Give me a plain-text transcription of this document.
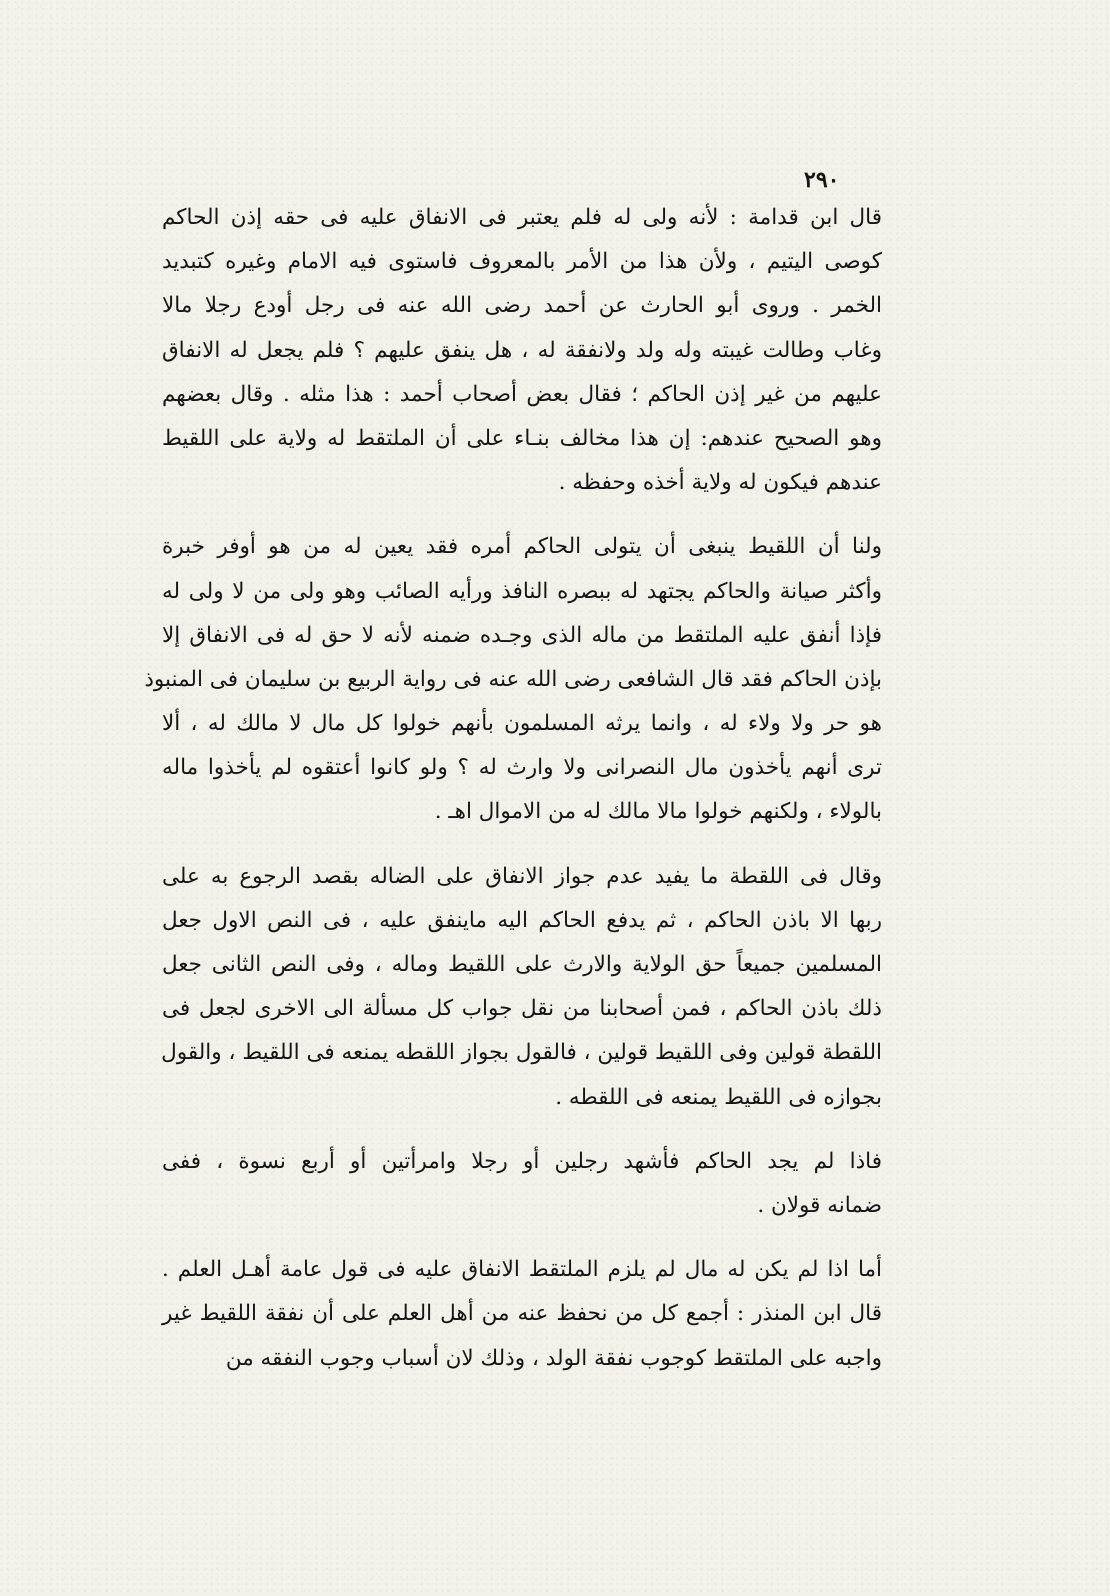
٢٩٠
قال ابن قدامة : لأنه ولى له فلم يعتبر فى الانفاق عليه فى حقه إذن الحاكم
كوصى اليتيم ، ولأن هذا من الأمر بالمعروف فاستوى فيه الامام وغيره كتبديد
الخمر . وروى أبو الحارث عن أحمد رضى الله عنه فى رجل أودع رجلا مالا
وغاب وطالت غيبته وله ولد ولانفقة له ، هل ينفق عليهم ؟ فلم يجعل له الانفاق
عليهم من غير إذن الحاكم ؛ فقال بعض أصحاب أحمد : هذا مثله . وقال بعضهم
وهو الصحيح عندهم: إن هذا مخالف بنـاء على أن الملتقط له ولاية على اللقيط
عندهم فيكون له ولاية أخذه وحفظه .
ولنا أن اللقيط ينبغى أن يتولى الحاكم أمره فقد يعين له من هو أوفر خبرة
وأكثر صيانة والحاكم يجتهد له ببصره النافذ ورأيه الصائب وهو ولى من لا ولى له
فإذا أنفق عليه الملتقط من ماله الذى وجـده ضمنه لأنه لا حق له فى الانفاق إلا
بإذن الحاكم فقد قال الشافعى رضى الله عنه فى رواية الربيع بن سليمان فى المنبوذ
هو حر ولا ولاء له ، وانما يرثه المسلمون بأنهم خولوا كل مال لا مالك له ، ألا
ترى أنهم يأخذون مال النصرانى ولا وارث له ؟ ولو كانوا أعتقوه لم يأخذوا ماله
بالولاء ، ولكنهم خولوا مالا مالك له من الاموال اهـ .
وقال فى اللقطة ما يفيد عدم جواز الانفاق على الضاله بقصد الرجوع به على
ربها الا باذن الحاكم ، ثم يدفع الحاكم اليه ماينفق عليه ، فى النص الاول جعل
المسلمين جميعاً حق الولاية والارث على اللقيط وماله ، وفى النص الثانى جعل
ذلك باذن الحاكم ، فمن أصحابنا من نقل جواب كل مسألة الى الاخرى لجعل فى
اللقطة قولين وفى اللقيط قولين ، فالقول بجواز اللقطه يمنعه فى اللقيط ، والقول
بجوازه فى اللقيط يمنعه فى اللقطه .
فاذا لم يجد الحاكم فأشهد رجلين أو رجلا وامرأتين أو أربع نسوة ، ففى
ضمانه قولان .
أما اذا لم يكن له مال لم يلزم الملتقط الانفاق عليه فى قول عامة أهـل العلم .
قال ابن المنذر : أجمع كل من نحفظ عنه من أهل العلم على أن نفقة اللقيط غير
واجبه على الملتقط كوجوب نفقة الولد ، وذلك لان أسباب وجوب النفقه من
